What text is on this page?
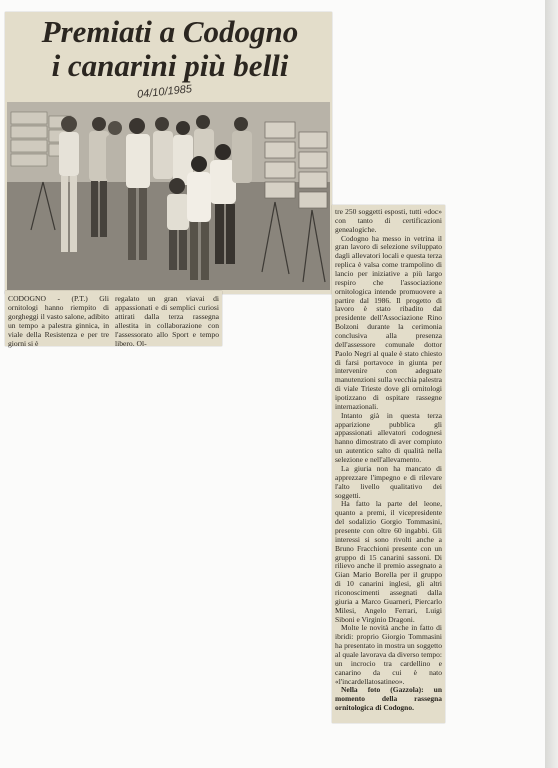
Premiati a Codogno
i canarini più belli
04/10/1985

CODOGNO - (P.T.) Gli ornitologi hanno riempito di gorgheggi il vasto salone, adibito un tempo a palestra ginnica, in viale della Resistenza e per tre giorni si è

regalato un gran viavai di appassionati e di semplici curiosi attirati dalla terza rassegna allestita in collaborazione con l'assessorato allo Sport e tempo libero. Ol-

tre 250 soggetti esposti, tutti «doc» con tanto di certificazioni genealogiche.

Codogno ha messo in vetrina il gran lavoro di selezione sviluppato dagli allevatori locali e questa terza replica è valsa come trampolino di lancio per iniziative a più largo respiro che l'associazione ornitologica intende promuovere a partire dal 1986. Il progetto di lavoro è stato ribadito dal presidente dell'Associazione Rino Bolzoni durante la cerimonia conclusiva alla presenza dell'assessore comunale dottor Paolo Negri al quale è stato chiesto di farsi portavoce in giunta per intervenire con adeguate manutenzioni sulla vecchia palestra di viale Trieste dove gli ornitologi ipotizzano di ospitare rassegne internazionali.

Intanto già in questa terza apparizione pubblica gli appassionati allevatori codognesi hanno dimostrato di aver compiuto un autentico salto di qualità nella selezione e nell'allevamento.

La giuria non ha mancato di apprezzare l'impegno e di rilevare l'alto livello qualitativo dei soggetti.

Ha fatto la parte del leone, quanto a premi, il vicepresidente del sodalizio Gorgio Tommasini, presente con oltre 60 ingabbi. Gli interessi si sono rivolti anche a Bruno Fracchioni presente con un gruppo di 15 canarini sassoni. Di rilievo anche il premio assegnato a Gian Mario Borella per il gruppo di 10 canarini inglesi, gli altri riconoscimenti assegnati dalla giuria a Marco Guarneri, Piercarlo Milesi, Angelo Ferrari, Luigi Siboni e Virginio Dragoni.

Molte le novità anche in fatto di ibridi: proprio Giorgio Tommasini ha presentato in mostra un soggetto al quale lavorava da diverso tempo: un incrocio tra cardellino e canarino da cui è nato «l'incardellatosatineo».

Nella foto (Gazzola): un momento della rassegna ornitologica di Codogno.
